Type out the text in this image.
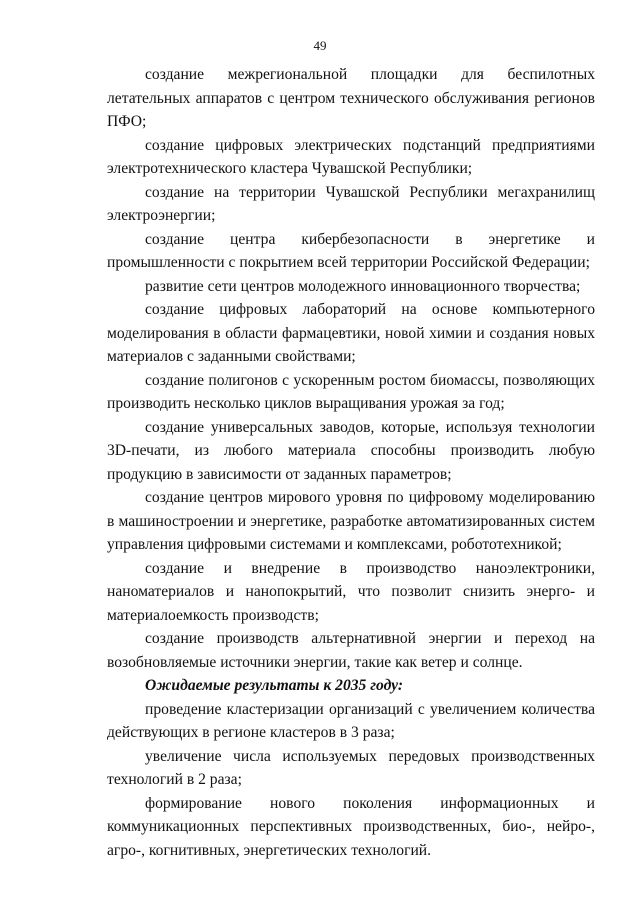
49

создание межрегиональной площадки для беспилотных летательных аппаратов с центром технического обслуживания регионов ПФО;

создание цифровых электрических подстанций предприятиями электротехнического кластера Чувашской Республики;

создание на территории Чувашской Республики мегахранилищ электроэнергии;

создание центра кибербезопасности в энергетике и промышленности с покрытием всей территории Российской Федерации;

развитие сети центров молодежного инновационного творчества;

создание цифровых лабораторий на основе компьютерного моделирования в области фармацевтики, новой химии и создания новых материалов с заданными свойствами;

создание полигонов с ускоренным ростом биомассы, позволяющих производить несколько циклов выращивания урожая за год;

создание универсальных заводов, которые, используя технологии 3D-печати, из любого материала способны производить любую продукцию в зависимости от заданных параметров;

создание центров мирового уровня по цифровому моделированию в машиностроении и энергетике, разработке автоматизированных систем управления цифровыми системами и комплексами, робототехникой;

создание и внедрение в производство наноэлектроники, наноматериалов и нанопокрытий, что позволит снизить энерго- и материалоемкость производств;

создание производств альтернативной энергии и переход на возобновляемые источники энергии, такие как ветер и солнце.

Ожидаемые результаты к 2035 году:

проведение кластеризации организаций с увеличением количества действующих в регионе кластеров в 3 раза;

увеличение числа используемых передовых производственных технологий в 2 раза;

формирование нового поколения информационных и коммуникационных перспективных производственных, био-, нейро-, агро-, когнитивных, энергетических технологий.
